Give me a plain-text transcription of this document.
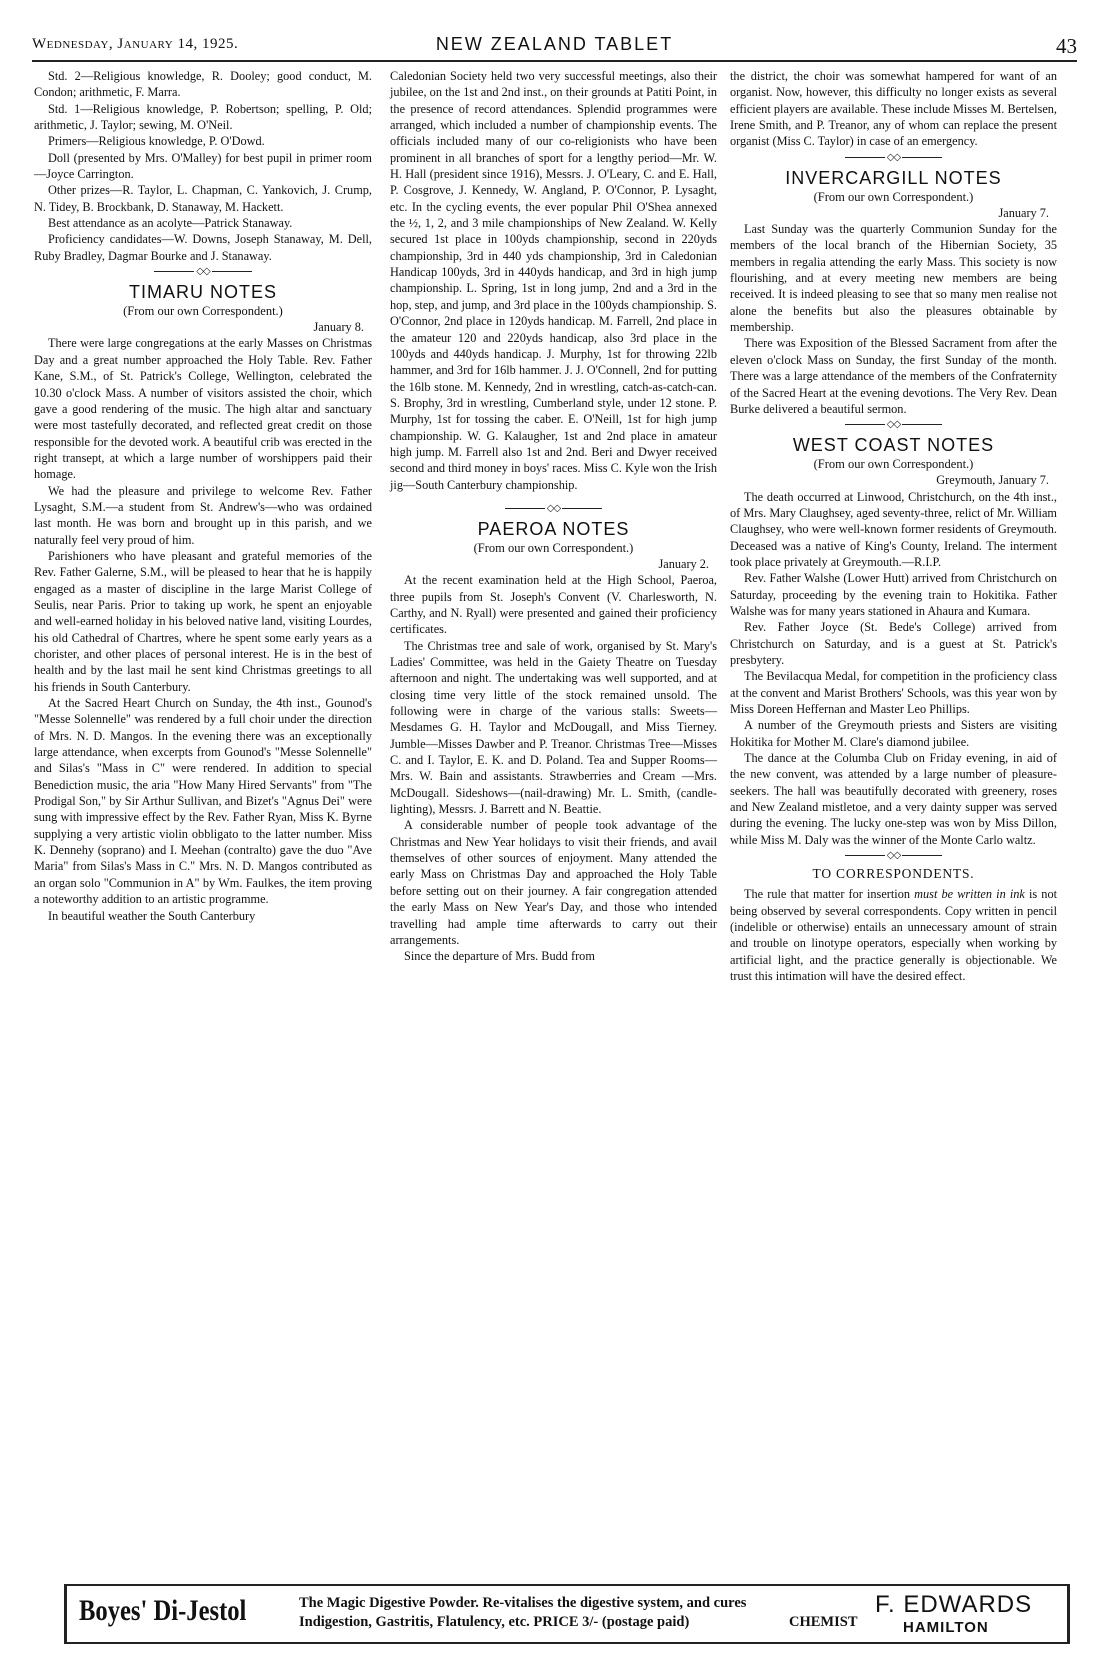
Wednesday, January 14, 1925.	NEW ZEALAND TABLET	43

Std. 2—Religious knowledge, R. Dooley; good conduct, M. Condon; arithmetic, F. Marra.

Std. 1—Religious knowledge, P. Robertson; spelling, P. Old; arithmetic, J. Taylor; sewing, M. O'Neil.

Primers—Religious knowledge, P. O'Dowd.

Doll (presented by Mrs. O'Malley) for best pupil in primer room—Joyce Carrington.

Other prizes—R. Taylor, L. Chapman, C. Yankovich, J. Crump, N. Tidey, B. Brockbank, D. Stanaway, M. Hackett.

Best attendance as an acolyte—Patrick Stanaway.

Proficiency candidates—W. Downs, Joseph Stanaway, M. Dell, Ruby Bradley, Dagmar Bourke and J. Stanaway.

◇◇
TIMARU NOTES
(From our own Correspondent.)
January 8.

There were large congregations at the early Masses on Christmas Day and a great number approached the Holy Table. Rev. Father Kane, S.M., of St. Patrick's College, Wellington, celebrated the 10.30 o'clock Mass. A number of visitors assisted the choir, which gave a good rendering of the music. The high altar and sanctuary were most tastefully decorated, and reflected great credit on those responsible for the devoted work. A beautiful crib was erected in the right transept, at which a large number of worshippers paid their homage.

We had the pleasure and privilege to welcome Rev. Father Lysaght, S.M.—a student from St. Andrew's—who was ordained last month. He was born and brought up in this parish, and we naturally feel very proud of him.

Parishioners who have pleasant and grateful memories of the Rev. Father Galerne, S.M., will be pleased to hear that he is happily engaged as a master of discipline in the large Marist College of Seulis, near Paris. Prior to taking up work, he spent an enjoyable and well-earned holiday in his beloved native land, visiting Lourdes, his old Cathedral of Chartres, where he spent some early years as a chorister, and other places of personal interest. He is in the best of health and by the last mail he sent kind Christmas greetings to all his friends in South Canterbury.

At the Sacred Heart Church on Sunday, the 4th inst., Gounod's "Messe Solennelle" was rendered by a full choir under the direction of Mrs. N. D. Mangos. In the evening there was an exceptionally large attendance, when excerpts from Gounod's "Messe Solennelle" and Silas's "Mass in C" were rendered. In addition to special Benediction music, the aria "How Many Hired Servants" from "The Prodigal Son," by Sir Arthur Sullivan, and Bizet's "Agnus Dei" were sung with impressive effect by the Rev. Father Ryan, Miss K. Byrne supplying a very artistic violin obbligato to the latter number. Miss K. Dennehy (soprano) and I. Meehan (contralto) gave the duo "Ave Maria" from Silas's Mass in C." Mrs. N. D. Mangos contributed as an organ solo "Communion in A" by Wm. Faulkes, the item proving a noteworthy addition to an artistic programme.

In beautiful weather the South Canterbury

Caledonian Society held two very successful meetings, also their jubilee, on the 1st and 2nd inst., on their grounds at Patiti Point, in the presence of record attendances. Splendid programmes were arranged, which included a number of championship events. The officials included many of our co-religionists who have been prominent in all branches of sport for a lengthy period—Mr. W. H. Hall (president since 1916), Messrs. J. O'Leary, C. and E. Hall, P. Cosgrove, J. Kennedy, W. Angland, P. O'Connor, P. Lysaght, etc. In the cycling events, the ever popular Phil O'Shea annexed the ½, 1, 2, and 3 mile championships of New Zealand. W. Kelly secured 1st place in 100yds championship, second in 220yds championship, 3rd in 440 yds championship, 3rd in Caledonian Handicap 100yds, 3rd in 440yds handicap, and 3rd in high jump championship. L. Spring, 1st in long jump, 2nd and a 3rd in the hop, step, and jump, and 3rd place in the 100yds championship. S. O'Connor, 2nd place in 120yds handicap. M. Farrell, 2nd place in the amateur 120 and 220yds handicap, also 3rd place in the 100yds and 440yds handicap. J. Murphy, 1st for throwing 22lb hammer, and 3rd for 16lb hammer. J. J. O'Connell, 2nd for putting the 16lb stone. M. Kennedy, 2nd in wrestling, catch-as-catch-can. S. Brophy, 3rd in wrestling, Cumberland style, under 12 stone. P. Murphy, 1st for tossing the caber. E. O'Neill, 1st for high jump championship. W. G. Kalaugher, 1st and 2nd place in amateur high jump. M. Farrell also 1st and 2nd. Beri and Dwyer received second and third money in boys' races. Miss C. Kyle won the Irish jig—South Canterbury championship.

◇◇
PAEROA NOTES
(From our own Correspondent.)
January 2.

At the recent examination held at the High School, Paeroa, three pupils from St. Joseph's Convent (V. Charlesworth, N. Carthy, and N. Ryall) were presented and gained their proficiency certificates.

The Christmas tree and sale of work, organised by St. Mary's Ladies' Committee, was held in the Gaiety Theatre on Tuesday afternoon and night. The undertaking was well supported, and at closing time very little of the stock remained unsold. The following were in charge of the various stalls: Sweets—Mesdames G. H. Taylor and McDougall, and Miss Tierney. Jumble—Misses Dawber and P. Treanor. Christmas Tree—Misses C. and I. Taylor, E. K. and D. Poland. Tea and Supper Rooms—Mrs. W. Bain and assistants. Strawberries and Cream —Mrs. McDougall. Sideshows—(nail-drawing) Mr. L. Smith, (candle-lighting), Messrs. J. Barrett and N. Beattie.

A considerable number of people took advantage of the Christmas and New Year holidays to visit their friends, and avail themselves of other sources of enjoyment. Many attended the early Mass on Christmas Day and approached the Holy Table before setting out on their journey. A fair congregation attended the early Mass on New Year's Day, and those who intended travelling had ample time afterwards to carry out their arrangements.

Since the departure of Mrs. Budd from

the district, the choir was somewhat hampered for want of an organist. Now, however, this difficulty no longer exists as several efficient players are available. These include Misses M. Bertelsen, Irene Smith, and P. Treanor, any of whom can replace the present organist (Miss C. Taylor) in case of an emergency.

◇◇
INVERCARGILL NOTES
(From our own Correspondent.)
January 7.

Last Sunday was the quarterly Communion Sunday for the members of the local branch of the Hibernian Society, 35 members in regalia attending the early Mass. This society is now flourishing, and at every meeting new members are being received. It is indeed pleasing to see that so many men realise not alone the benefits but also the pleasures obtainable by membership.

There was Exposition of the Blessed Sacrament from after the eleven o'clock Mass on Sunday, the first Sunday of the month. There was a large attendance of the members of the Confraternity of the Sacred Heart at the evening devotions. The Very Rev. Dean Burke delivered a beautiful sermon.

◇◇
WEST COAST NOTES
(From our own Correspondent.)
Greymouth, January 7.

The death occurred at Linwood, Christchurch, on the 4th inst., of Mrs. Mary Claughsey, aged seventy-three, relict of Mr. William Claughsey, who were well-known former residents of Greymouth. Deceased was a native of King's County, Ireland. The interment took place privately at Greymouth.—R.I.P.

Rev. Father Walshe (Lower Hutt) arrived from Christchurch on Saturday, proceeding by the evening train to Hokitika. Father Walshe was for many years stationed in Ahaura and Kumara.

Rev. Father Joyce (St. Bede's College) arrived from Christchurch on Saturday, and is a guest at St. Patrick's presbytery.

The Bevilacqua Medal, for competition in the proficiency class at the convent and Marist Brothers' Schools, was this year won by Miss Doreen Heffernan and Master Leo Phillips.

A number of the Greymouth priests and Sisters are visiting Hokitika for Mother M. Clare's diamond jubilee.

The dance at the Columba Club on Friday evening, in aid of the new convent, was attended by a large number of pleasure-seekers. The hall was beautifully decorated with greenery, roses and New Zealand mistletoe, and a very dainty supper was served during the evening. The lucky one-step was won by Miss Dillon, while Miss M. Daly was the winner of the Monte Carlo waltz.

◇◇
TO CORRESPONDENTS.

The rule that matter for insertion must be written in ink is not being observed by several correspondents. Copy written in pencil (indelible or otherwise) entails an unnecessary amount of strain and trouble on linotype operators, especially when working by artificial light, and the practice generally is objectionable. We trust this intimation will have the desired effect.

Boyes' Di-Jestol	The Magic Digestive Powder. Re-vitalises the digestive system, and cures
Indigestion, Gastritis, Flatulency, etc. PRICE 3/- (postage paid)	CHEMIST
F. EDWARDS
HAMILTON
